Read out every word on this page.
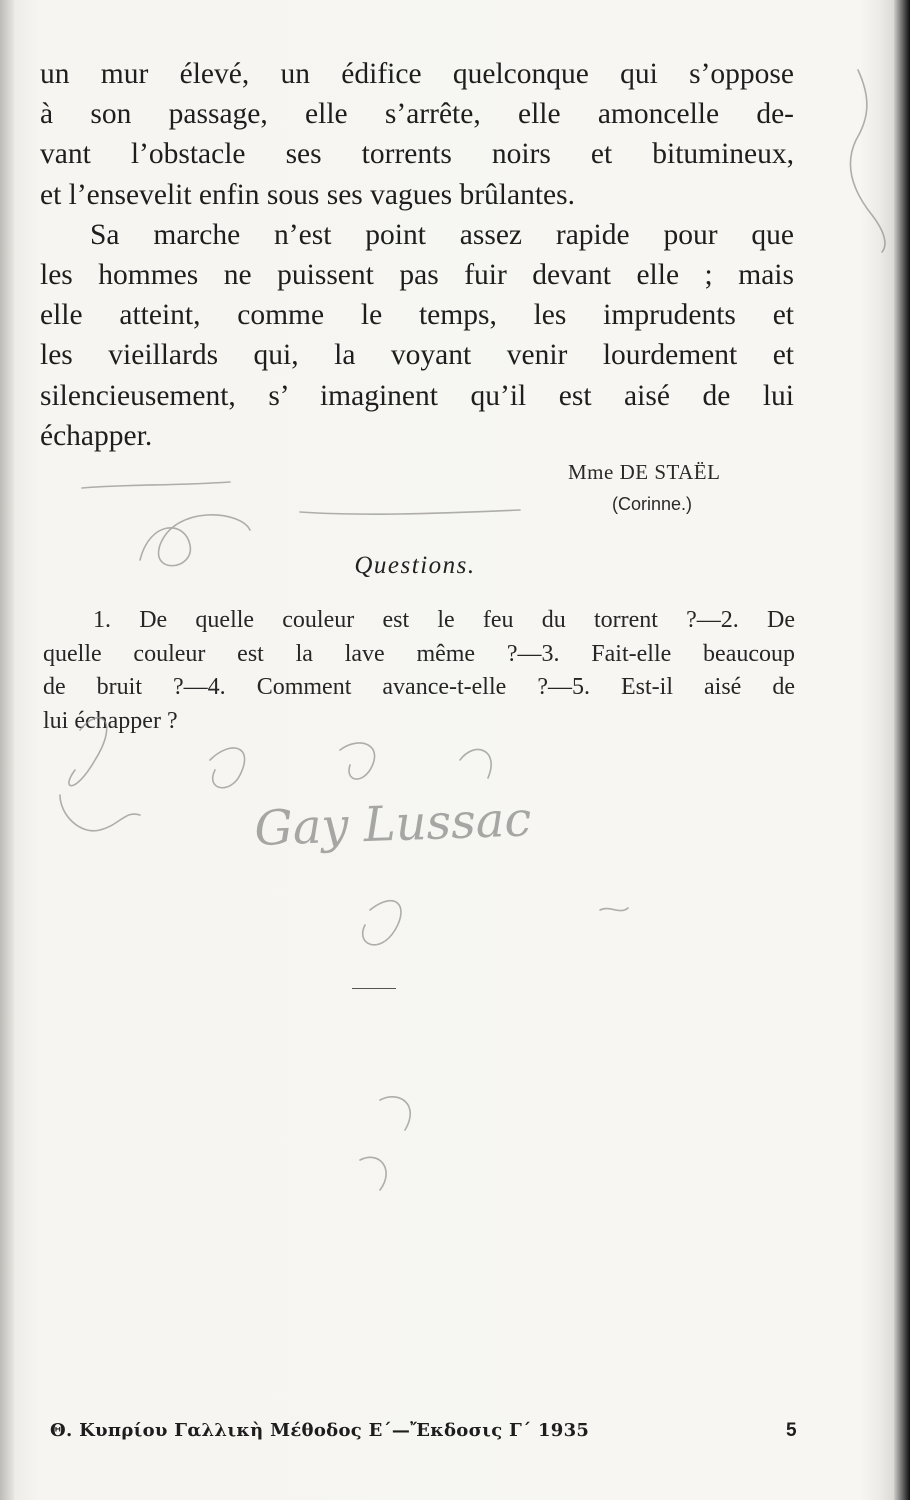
un mur élevé, un édifice quelconque qui s’oppose
à son passage, elle s’arrête, elle amoncelle de-
vant l’obstacle ses torrents noirs et bitumineux,
et l’ensevelit enfin sous ses vagues brûlantes.
Sa marche n’est point assez rapide pour que
les hommes ne puissent pas fuir devant elle ; mais
elle atteint, comme le temps, les imprudents et
les vieillards qui, la voyant venir lourdement et
silencieusement, s’ imaginent qu’il est aisé de lui
échapper.
Mme DE STAËL
(Corinne.)
Questions.
1. De quelle couleur est le feu du torrent ?—2. De
quelle couleur est la lave même ?—3. Fait-elle beaucoup
de bruit ?—4. Comment avance-t-elle ?—5. Est-il aisé de
lui échapper ?
Gay Lussac
Θ. Κυπρίου Γαλλικὴ Μέθοδος Ε΄—Ἔκδοσις Γ΄ 1935	5
